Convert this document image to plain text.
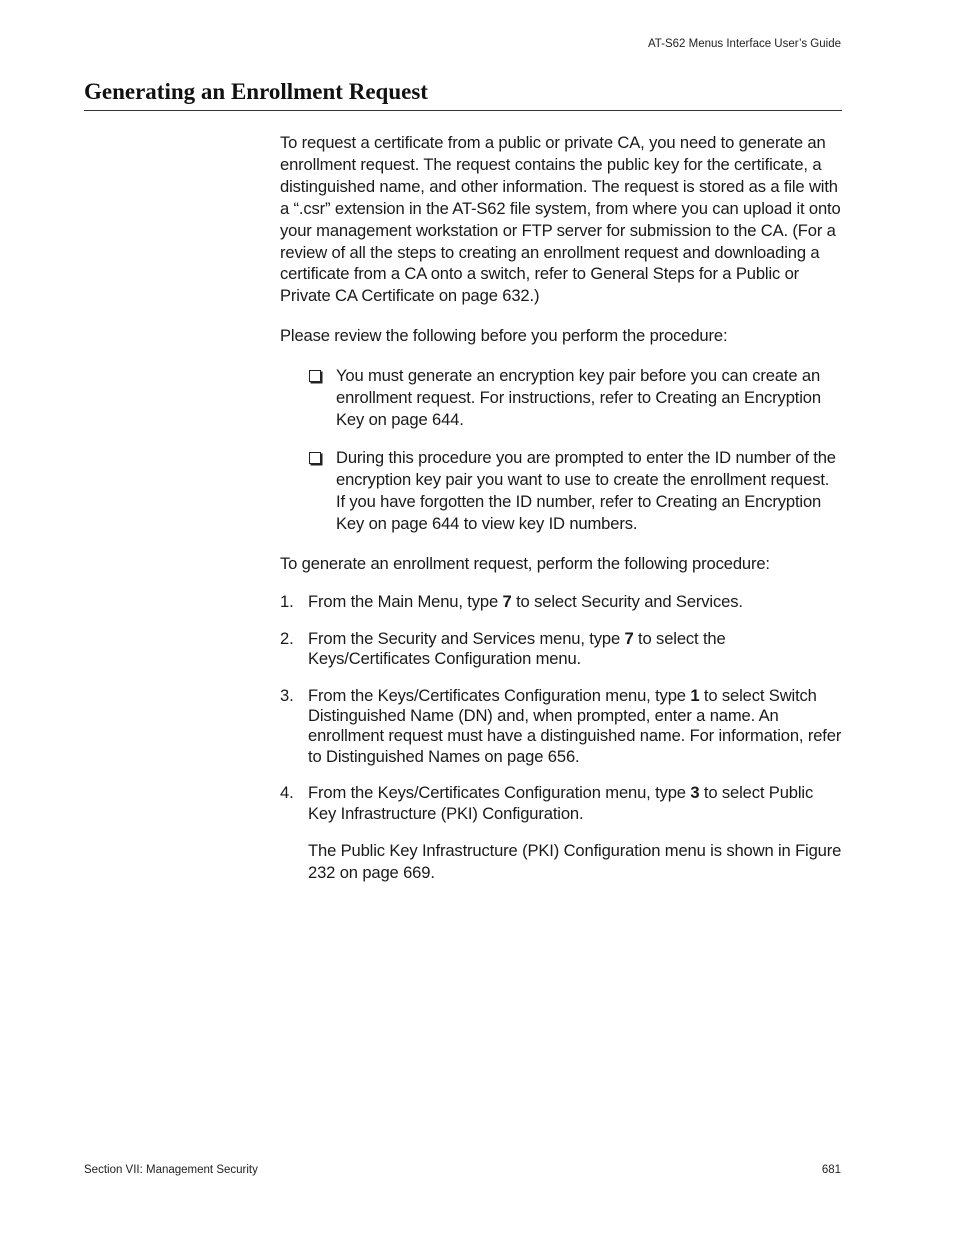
AT-S62 Menus Interface User’s Guide
Generating an Enrollment Request

To request a certificate from a public or private CA, you need to generate an enrollment request. The request contains the public key for the certificate, a distinguished name, and other information. The request is stored as a file with a “.csr” extension in the AT-S62 file system, from where you can upload it onto your management workstation or FTP server for submission to the CA. (For a review of all the steps to creating an enrollment request and downloading a certificate from a CA onto a switch, refer to General Steps for a Public or Private CA Certificate on page 632.)

Please review the following before you perform the procedure:

You must generate an encryption key pair before you can create an enrollment request. For instructions, refer to Creating an Encryption Key on page 644.
During this procedure you are prompted to enter the ID number of the encryption key pair you want to use to create the enrollment request. If you have forgotten the ID number, refer to Creating an Encryption Key on page 644 to view key ID numbers.

To generate an enrollment request, perform the following procedure:

1. From the Main Menu, type 7 to select Security and Services.
2. From the Security and Services menu, type 7 to select the Keys/Certificates Configuration menu.
3. From the Keys/Certificates Configuration menu, type 1 to select Switch Distinguished Name (DN) and, when prompted, enter a name. An enrollment request must have a distinguished name. For information, refer to Distinguished Names on page 656.
4. From the Keys/Certificates Configuration menu, type 3 to select Public Key Infrastructure (PKI) Configuration.

The Public Key Infrastructure (PKI) Configuration menu is shown in Figure 232 on page 669.

Section VII: Management Security	681
